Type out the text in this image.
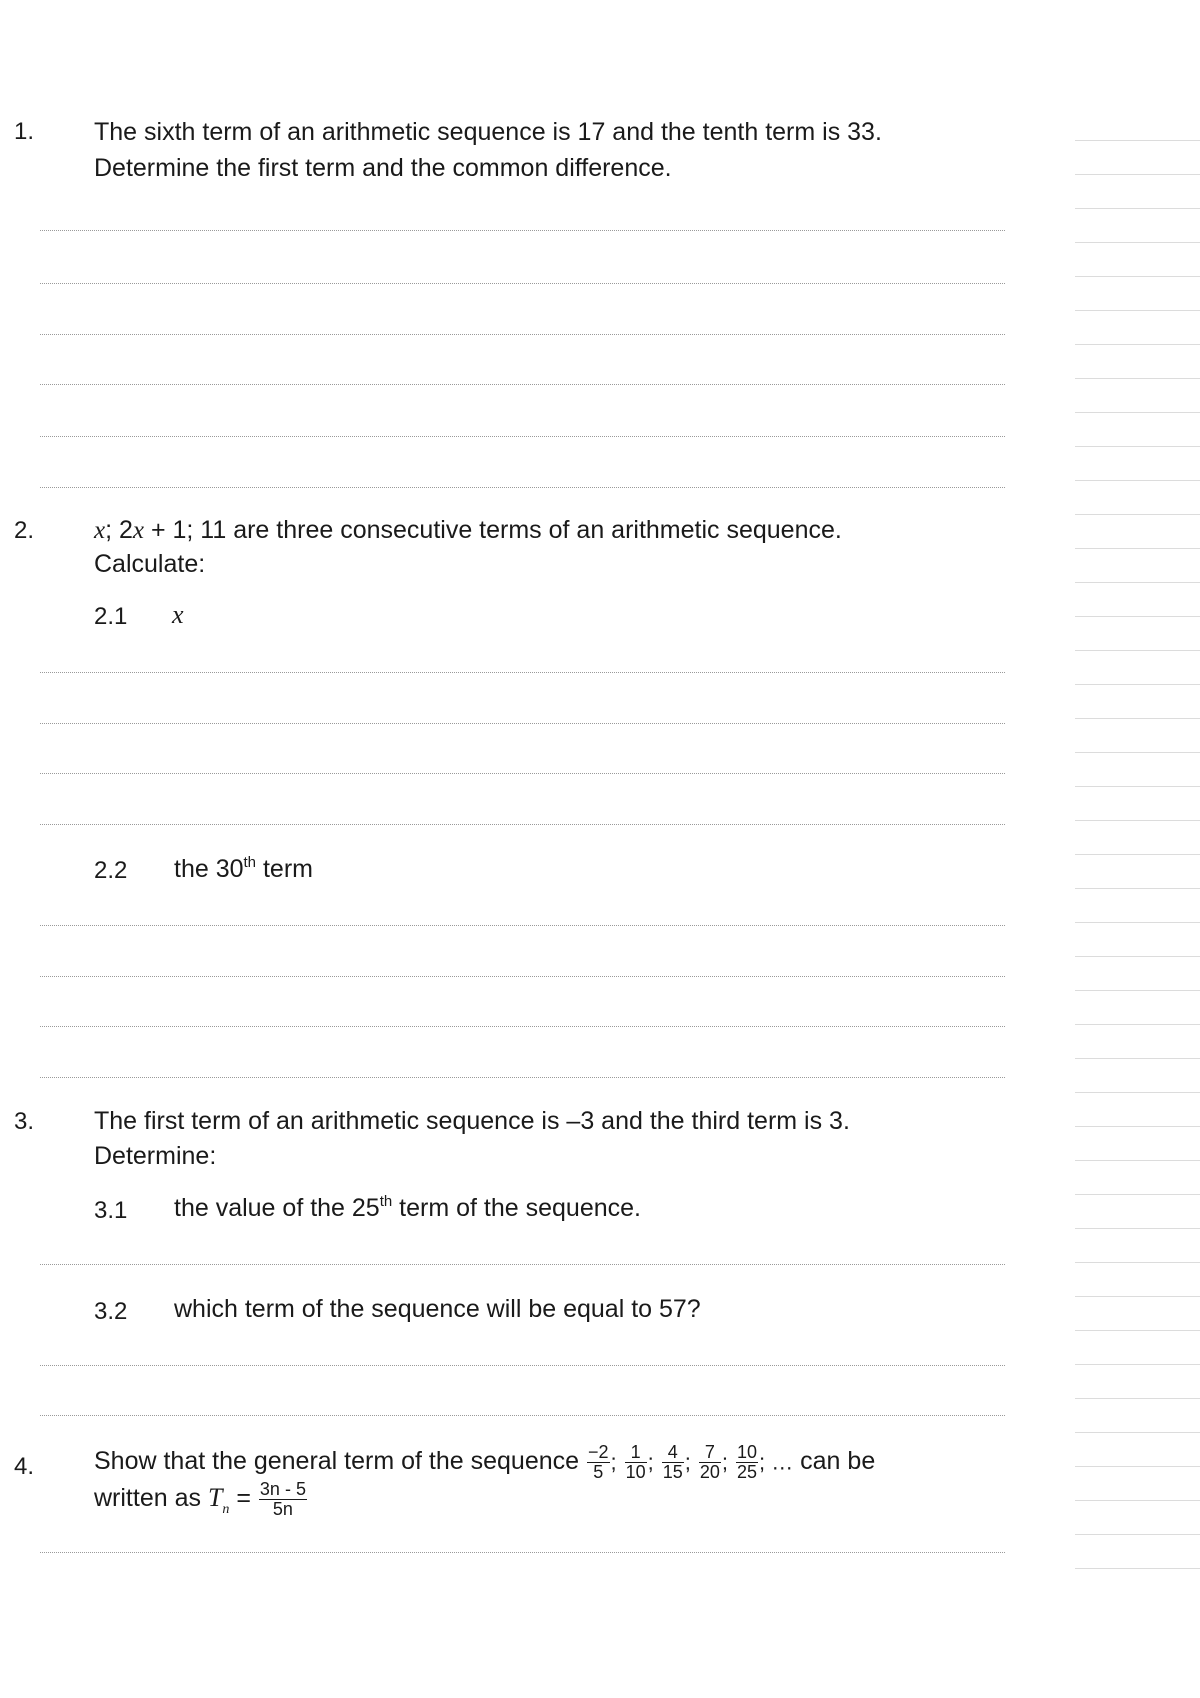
1. The sixth term of an arithmetic sequence is 17 and the tenth term is 33.
Determine the first term and the common difference.
2. x; 2x + 1; 11 are three consecutive terms of an arithmetic sequence.
Calculate:
2.1 x
2.2 the 30th term
3. The first term of an arithmetic sequence is –3 and the third term is 3.
Determine:
3.1 the value of the 25th term of the sequence.
3.2 which term of the sequence will be equal to 57?
4. Show that the general term of the sequence $\frac{-2}{5}$ ; $\frac{1}{10}$ ; $\frac{4}{15}$ ; $\frac{7}{20}$ ; $\frac{10}{25}$ ; … can be
written as $T_n = \frac{3n - 5}{5n}$
